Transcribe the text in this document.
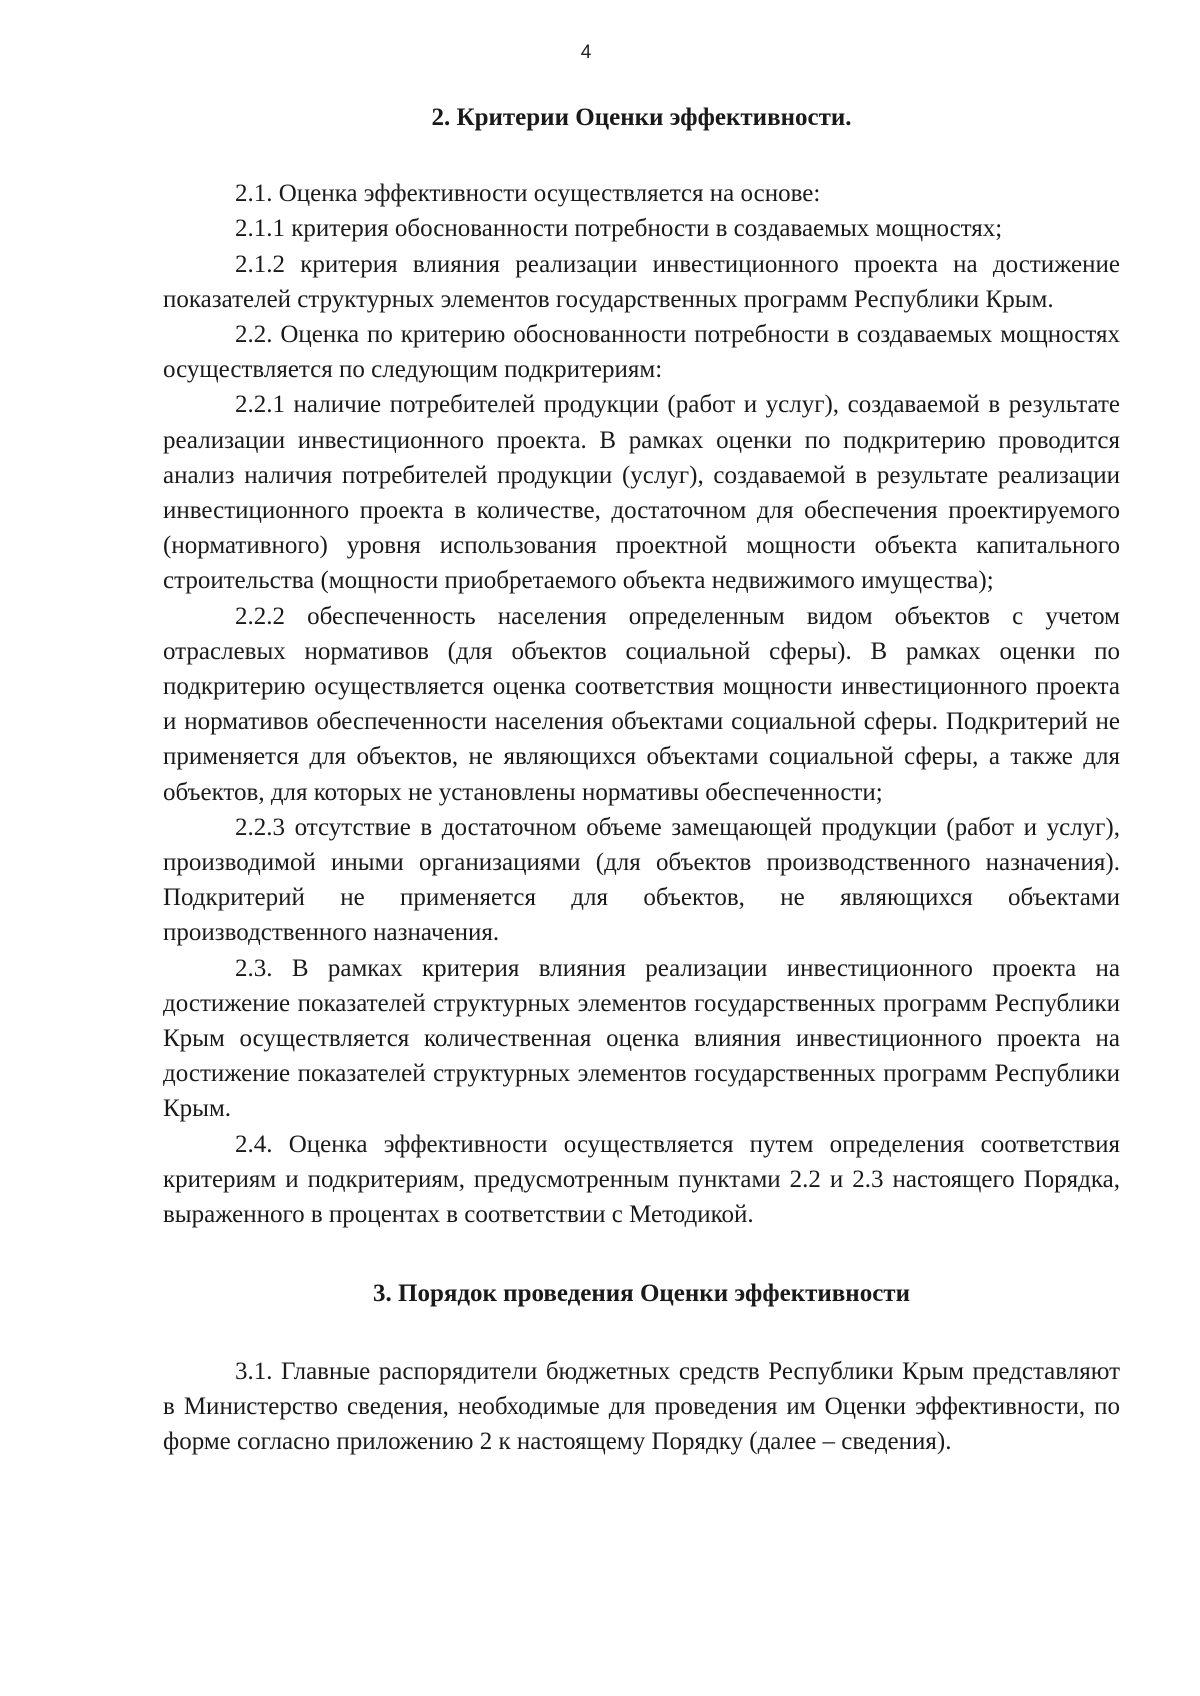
4
2. Критерии Оценки эффективности.

2.1. Оценка эффективности осуществляется на основе:

2.1.1 критерия обоснованности потребности в создаваемых мощностях;

2.1.2 критерия влияния реализации инвестиционного проекта на достижение показателей структурных элементов государственных программ Республики Крым.

2.2. Оценка по критерию обоснованности потребности в создаваемых мощностях осуществляется по следующим подкритериям:

2.2.1 наличие потребителей продукции (работ и услуг), создаваемой в результате реализации инвестиционного проекта. В рамках оценки по подкритерию проводится анализ наличия потребителей продукции (услуг), создаваемой в результате реализации инвестиционного проекта в количестве, достаточном для обеспечения проектируемого (нормативного) уровня использования проектной мощности объекта капитального строительства (мощности приобретаемого объекта недвижимого имущества);

2.2.2 обеспеченность населения определенным видом объектов с учетом отраслевых нормативов (для объектов социальной сферы). В рамках оценки по подкритерию осуществляется оценка соответствия мощности инвестиционного проекта и нормативов обеспеченности населения объектами социальной сферы. Подкритерий не применяется для объектов, не являющихся объектами социальной сферы, а также для объектов, для которых не установлены нормативы обеспеченности;

2.2.3 отсутствие в достаточном объеме замещающей продукции (работ и услуг), производимой иными организациями (для объектов производственного назначения). Подкритерий не применяется для объектов, не являющихся объектами производственного назначения.

2.3. В рамках критерия влияния реализации инвестиционного проекта на достижение показателей структурных элементов государственных программ Республики Крым осуществляется количественная оценка влияния инвестиционного проекта на достижение показателей структурных элементов государственных программ Республики Крым.

2.4. Оценка эффективности осуществляется путем определения соответствия критериям и подкритериям, предусмотренным пунктами 2.2 и 2.3 настоящего Порядка, выраженного в процентах в соответствии с Методикой.

3. Порядок проведения Оценки эффективности

3.1. Главные распорядители бюджетных средств Республики Крым представляют в Министерство сведения, необходимые для проведения им Оценки эффективности, по форме согласно приложению 2 к настоящему Порядку (далее – сведения).
